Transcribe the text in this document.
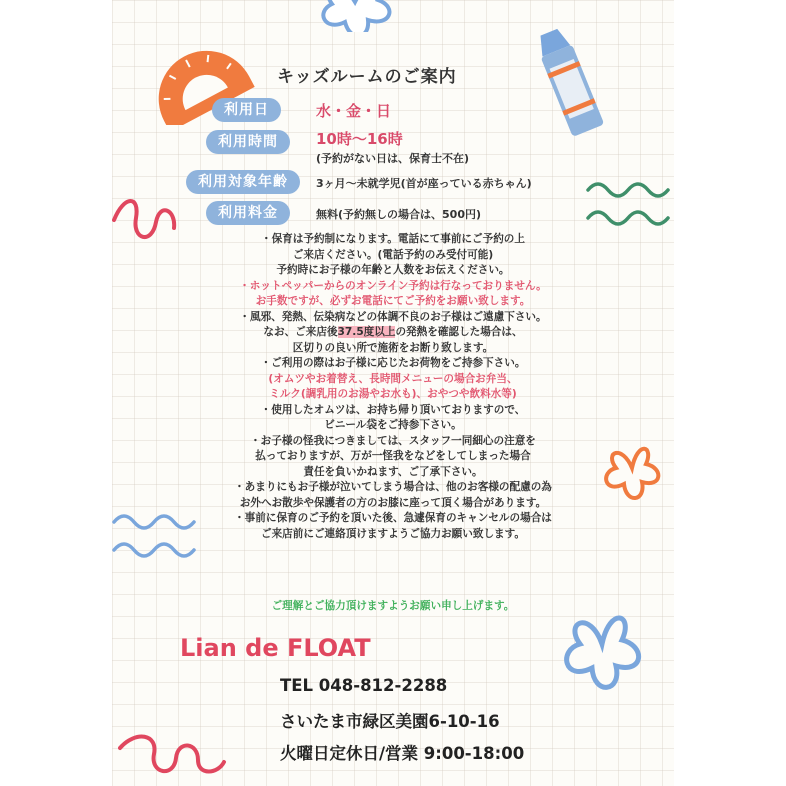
キッズルームのご案内
利用日	水・金・日
利用時間	10時〜16時
(予約がない日は、保育士不在)
利用対象年齢	3ヶ月〜未就学児(首が座っている赤ちゃん)
利用料金	無料(予約無しの場合は、500円)
・保育は予約制になります。電話にて事前にご予約の上
ご来店ください。(電話予約のみ受付可能)
予約時にお子様の年齢と人数をお伝えください。
・ホットペッパーからのオンライン予約は行なっておりません。
お手数ですが、必ずお電話にてご予約をお願い致します。
・風邪、発熱、伝染病などの体調不良のお子様はご遠慮下さい。
なお、ご来店後37.5度以上の発熱を確認した場合は、
区切りの良い所で施術をお断り致します。
・ご利用の際はお子様に応じたお荷物をご持参下さい。
(オムツやお着替え、長時間メニューの場合お弁当、
ミルク(調乳用のお湯やお水も)、おやつや飲料水等)
・使用したオムツは、お持ち帰り頂いておりますので、
ビニール袋をご持参下さい。
・お子様の怪我につきましては、スタッフ一同細心の注意を
払っておりますが、万が一怪我をなどをしてしまった場合
責任を負いかねます、ご了承下さい。
・あまりにもお子様が泣いてしまう場合は、他のお客様の配慮の為
お外へお散歩や保護者の方のお膝に座って頂く場合があります。
・事前に保育のご予約を頂いた後、急遽保育のキャンセルの場合は
ご来店前にご連絡頂けますようご協力お願い致します。
ご理解とご協力頂けますようお願い申し上げます。
Lian de FLOAT
TEL 048-812-2288
さいたま市緑区美園6-10-16
火曜日定休日/営業 9:00-18:00
